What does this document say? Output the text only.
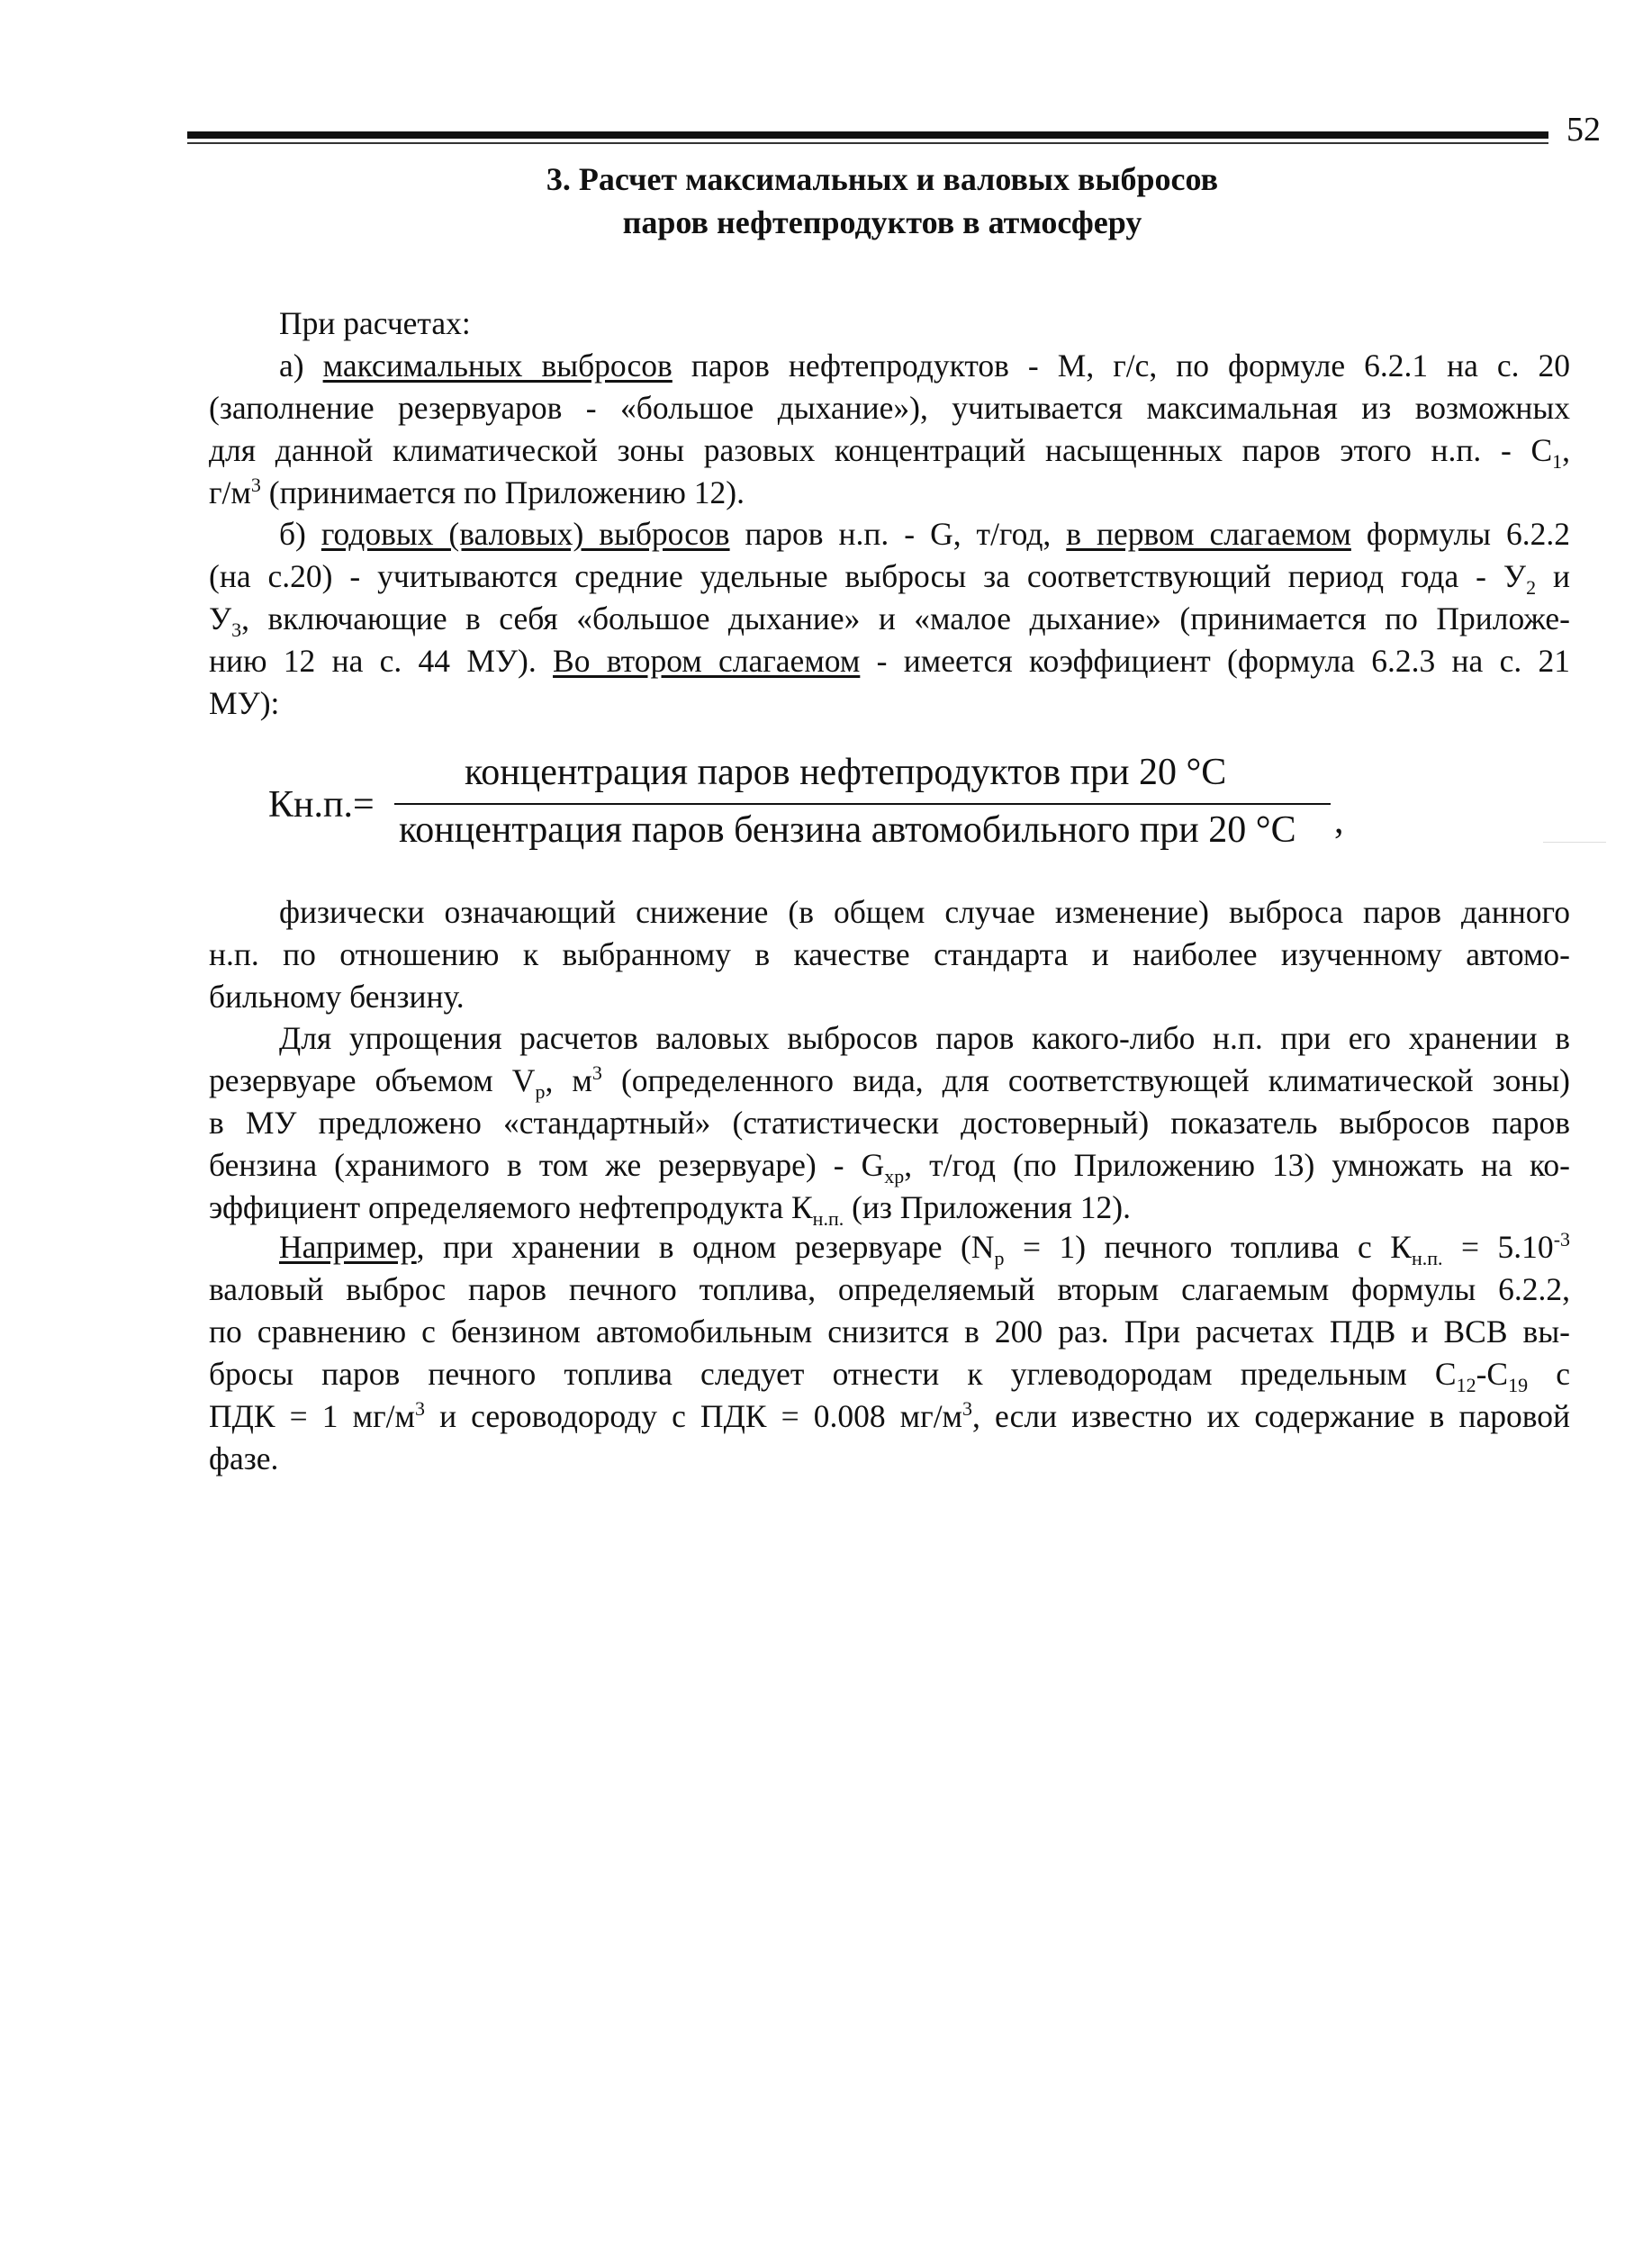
52
3. Расчет максимальных и валовых выбросов
паров нефтепродуктов в атмосферу
При расчетах:
а) максимальных выбросов паров нефтепродуктов - M, г/с, по формуле 6.2.1 на с. 20
(заполнение резервуаров - «большое дыхание»), учитывается максимальная из возможных
для данной климатической зоны разовых концентраций насыщенных паров этого н.п. - $C_1$,
$г/м^3$ (принимается по Приложению 12).
б) годовых (валовых) выбросов паров н.п. - G, т/год, в первом слагаемом формулы 6.2.2
(на с.20) - учитываются средние удельные выбросы за соответствующий период года - $У_2$ и
$У_3$, включающие в себя «большое дыхание» и «малое дыхание» (принимается по Приложе-
нию 12 на с. 44 МУ). Во втором слагаемом - имеется коэффициент (формула 6.2.3 на с. 21
МУ):
Кн.п.=
концентрация паров нефтепродуктов при 20 °С
концентрация паров бензина автомобильного при 20 °С ,
физически означающий снижение (в общем случае изменение) выброса паров данного
н.п. по отношению к выбранному в качестве стандарта и наиболее изученному автомо-
бильному бензину.
Для упрощения расчетов валовых выбросов паров какого-либо н.п. при его хранении в
резервуаре объемом $V_р$, $м^3$ (определенного вида, для соответствующей климатической зоны)
в МУ предложено «стандартный» (статистически достоверный) показатель выбросов паров
бензина (хранимого в том же резервуаре) - $G_{хр}$, т/год (по Приложению 13) умножать на ко-
эффициент определяемого нефтепродукта $К_{н.п.}$ (из Приложения 12).
Например, при хранении в одном резервуаре $(N_р = 1)$ печного топлива с $К_{н.п.} = 5.10^{-3}$
валовый выброс паров печного топлива, определяемый вторым слагаемым формулы 6.2.2,
по сравнению с бензином автомобильным снизится в 200 раз. При расчетах ПДВ и ВСВ вы-
бросы паров печного топлива следует отнести к углеводородам предельным $С_{12}-С_{19}$ с
ПДК = 1 $мг/м^3$ и сероводороду с ПДК = 0.008 $мг/м^3$, если известно их содержание в паровой
фазе.
